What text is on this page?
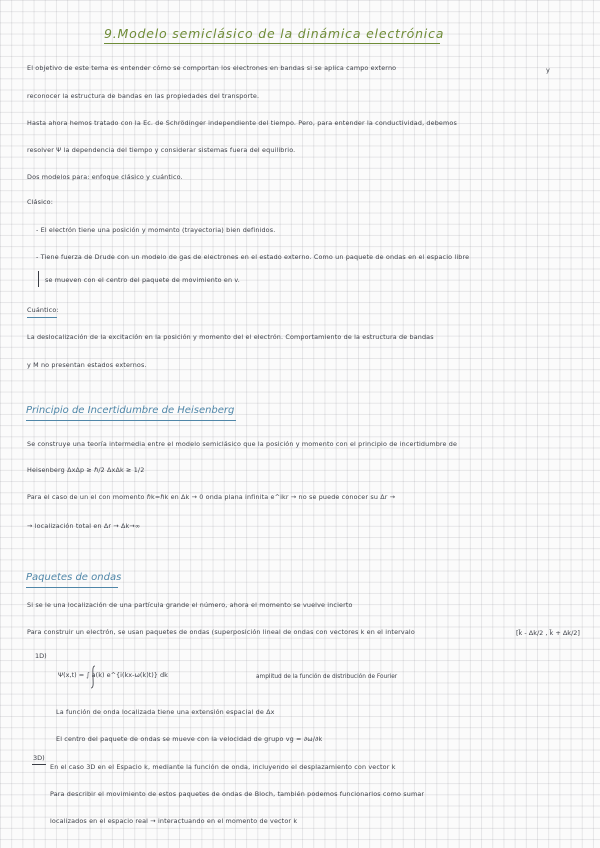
9.Modelo semiclásico de la dinámica electrónica
El objetivo de este tema es entender cómo se comportan los electrones en bandas si se aplica campo externo	y
reconocer la estructura de bandas en las propiedades del transporte.
Hasta ahora hemos tratado con la Ec. de Schrödinger independiente del tiempo. Pero, para entender la conductividad, debemos
resolver Ψ la dependencia del tiempo y considerar sistemas fuera del equilibrio.
Dos modelos para: enfoque clásico y cuántico.
Clásico:
- El electrón tiene una posición y momento (trayectoria) bien definidos.
- Tiene fuerza de Drude con un modelo de gas de electrones en el estado externo. Como un paquete de ondas en el espacio libre
se mueven con el centro del paquete de movimiento en v.
Cuántico:
La deslocalización de la excitación en la posición y momento del el electrón. Comportamiento de la estructura de bandas
y M no presentan estados externos.
Principio de Incertidumbre de Heisenberg
Se construye una teoría intermedia entre el modelo semiclásico que la posición y momento con el principio de incertidumbre de
Heisenberg ΔxΔp ≥ ℏ/2 ΔxΔk ≥ 1/2
Para el caso de un el con momento ℏk=ℏk en Δk → 0 onda plana infinita e^ikr → no se puede conocer su Δr →
→ localización total en Δr → Δk→∞
Paquetes de ondas
Si se le una localización de una partícula grande el número, ahora el momento se vuelve incierto
Para construir un electrón, se usan paquetes de ondas (superposición lineal de ondas con vectores k en el intervalo	[k̄ - Δk/2 , k̄ + Δk/2]
1D)
Ψ(x,t) = ∫ a(k) e^{i(kx-ω(k)t)} dk	amplitud de la función de distribución de Fourier
La función de onda localizada tiene una extensión espacial de Δx
El centro del paquete de ondas se mueve con la velocidad de grupo vg = ∂ω/∂k
3D)
En el caso 3D en el Espacio k, mediante la función de onda, incluyendo el desplazamiento con vector k
Para describir el movimiento de estos paquetes de ondas de Bloch, también podemos funcionarlos como sumar
localizados en el espacio real → interactuando en el momento de vector k
